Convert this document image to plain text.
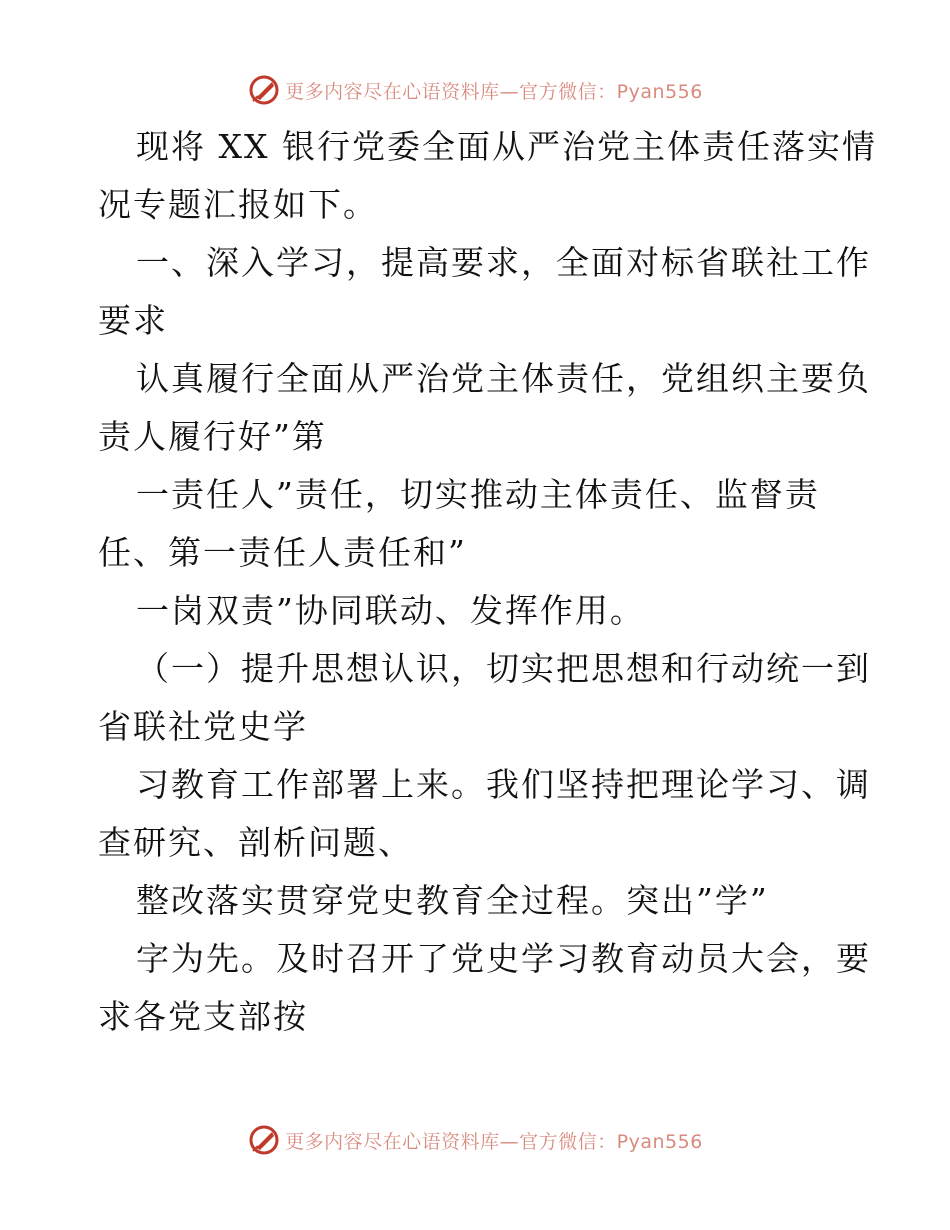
更多内容尽在心语资料库—官方微信：Pyan556
现将 XX 银行党委全面从严治党主体责任落实情
况专题汇报如下。
一、深入学习，提高要求，全面对标省联社工作
要求
认真履行全面从严治党主体责任，党组织主要负
责人履行好”第
一责任人”责任，切实推动主体责任、监督责
任、第一责任人责任和”
一岗双责”协同联动、发挥作用。
（一）提升思想认识，切实把思想和行动统一到
省联社党史学
习教育工作部署上来。我们坚持把理论学习、调
查研究、剖析问题、
整改落实贯穿党史教育全过程。突出”学”
字为先。及时召开了党史学习教育动员大会，要
求各党支部按
更多内容尽在心语资料库—官方微信：Pyan556
